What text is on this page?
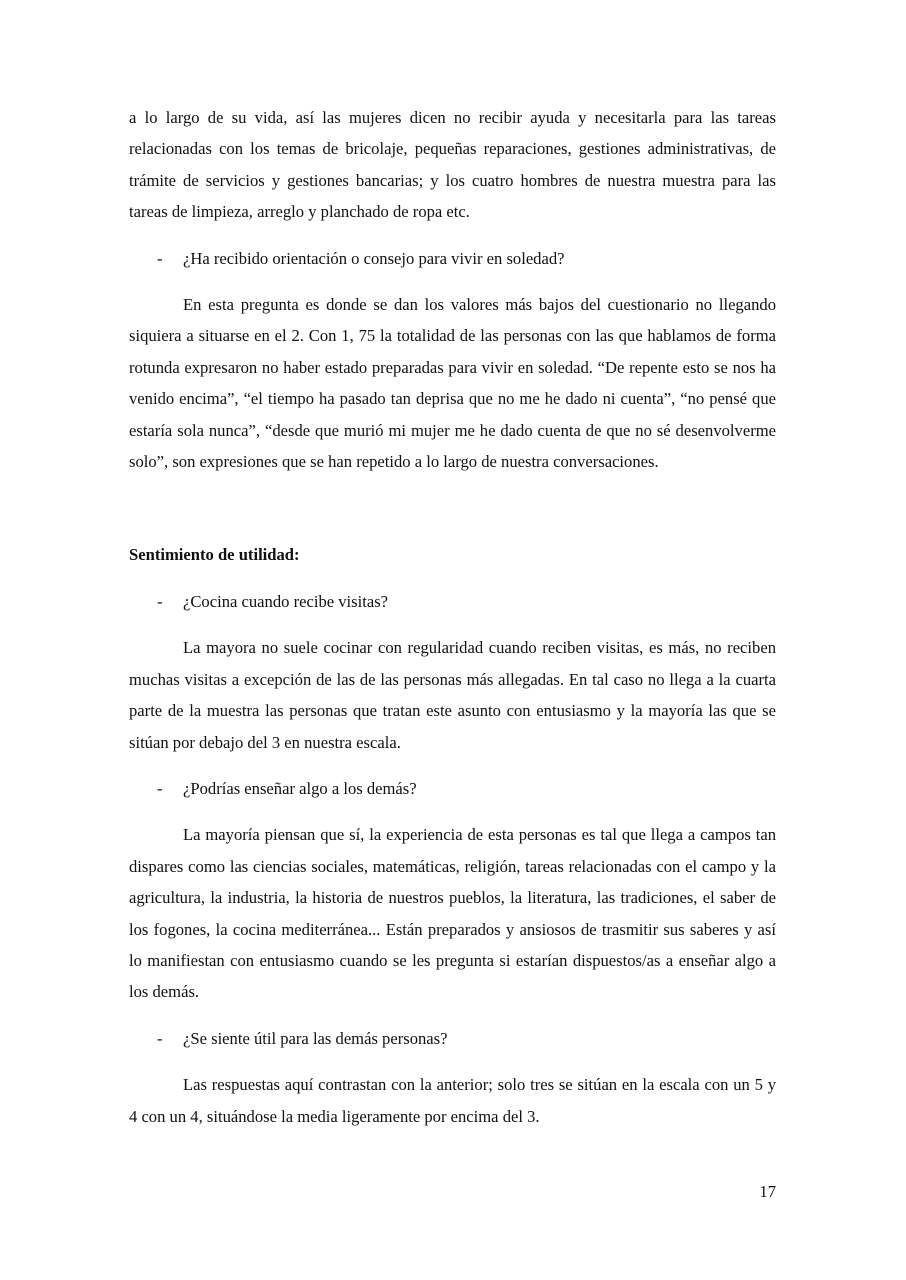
a lo largo de su vida, así las mujeres dicen no recibir ayuda y necesitarla para las tareas relacionadas con los temas de bricolaje, pequeñas reparaciones, gestiones administrativas, de trámite de servicios y gestiones bancarias; y los cuatro hombres de nuestra muestra para las tareas de limpieza, arreglo y planchado de ropa etc.

- ¿Ha recibido orientación o consejo para vivir en soledad?

En esta pregunta es donde se dan los valores más bajos del cuestionario no llegando siquiera a situarse en el 2. Con 1, 75 la totalidad de las personas con las que hablamos de forma rotunda expresaron no haber estado preparadas para vivir en soledad. “De repente esto se nos ha venido encima”, “el tiempo ha pasado tan deprisa que no me he dado ni cuenta”, “no pensé que estaría sola nunca”, “desde que murió mi mujer me he dado cuenta de que no sé desenvolverme solo”, son expresiones que se han repetido a lo largo de nuestra conversaciones.

Sentimiento de utilidad:

- ¿Cocina cuando recibe visitas?

La mayora no suele cocinar con regularidad cuando reciben visitas, es más, no reciben muchas visitas a excepción de las de las personas más allegadas. En tal caso no llega a la cuarta parte de la muestra las personas que tratan este asunto con entusiasmo y la mayoría las que se sitúan por debajo del 3 en nuestra escala.

- ¿Podrías enseñar algo a los demás?

La mayoría piensan que sí, la experiencia de esta personas es tal que llega a campos tan dispares como las ciencias sociales, matemáticas, religión, tareas relacionadas con el campo y la agricultura, la industria, la historia de nuestros pueblos, la literatura, las tradiciones, el saber de los fogones, la cocina mediterránea... Están preparados y ansiosos de trasmitir sus saberes y así lo manifiestan con entusiasmo cuando se les pregunta si estarían dispuestos/as a enseñar algo a los demás.

- ¿Se siente útil para las demás personas?

Las respuestas aquí contrastan con la anterior; solo tres se sitúan en la escala con un 5 y 4 con un 4, situándose la media ligeramente por encima del 3.

17
